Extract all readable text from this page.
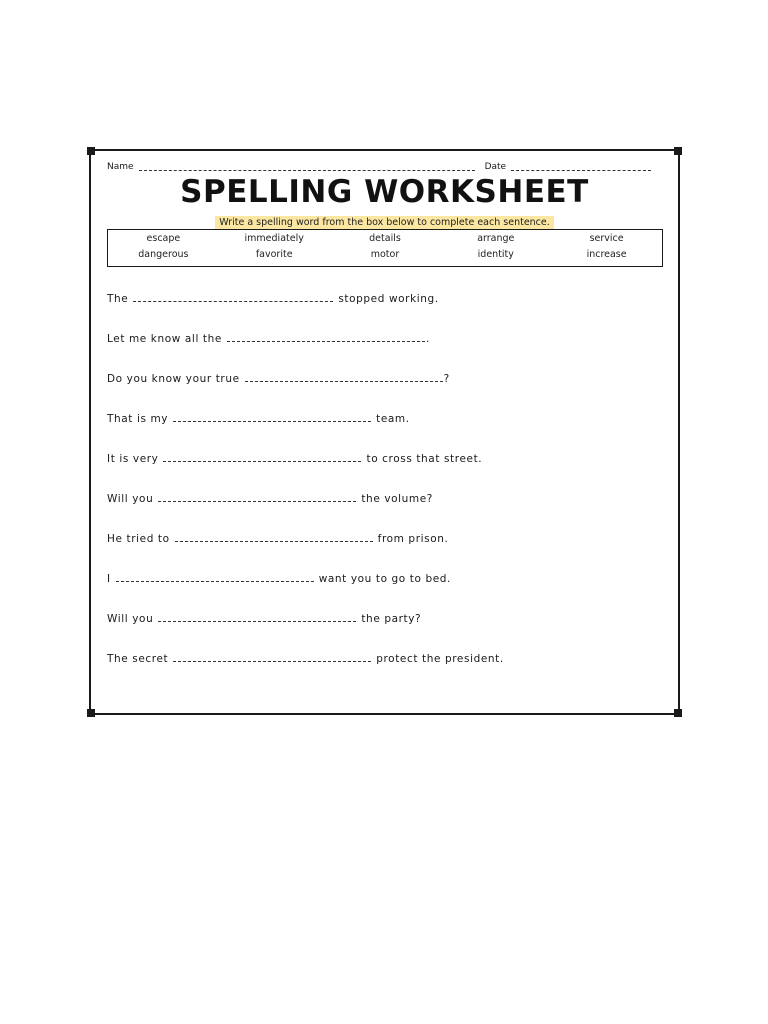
Name	Date
SPELLING WORKSHEET
Write a spelling word from the box below to complete each sentence.
escape	immediately	details	arrange	service
dangerous	favorite	motor	identity	increase
The	stopped working.
Let me know all the	.
Do you know your true	?
That is my	team.
It is very	to cross that street.
Will you	the volume?
He tried to	from prison.
I	want you to go to bed.
Will you	the party?
The secret	protect the president.
